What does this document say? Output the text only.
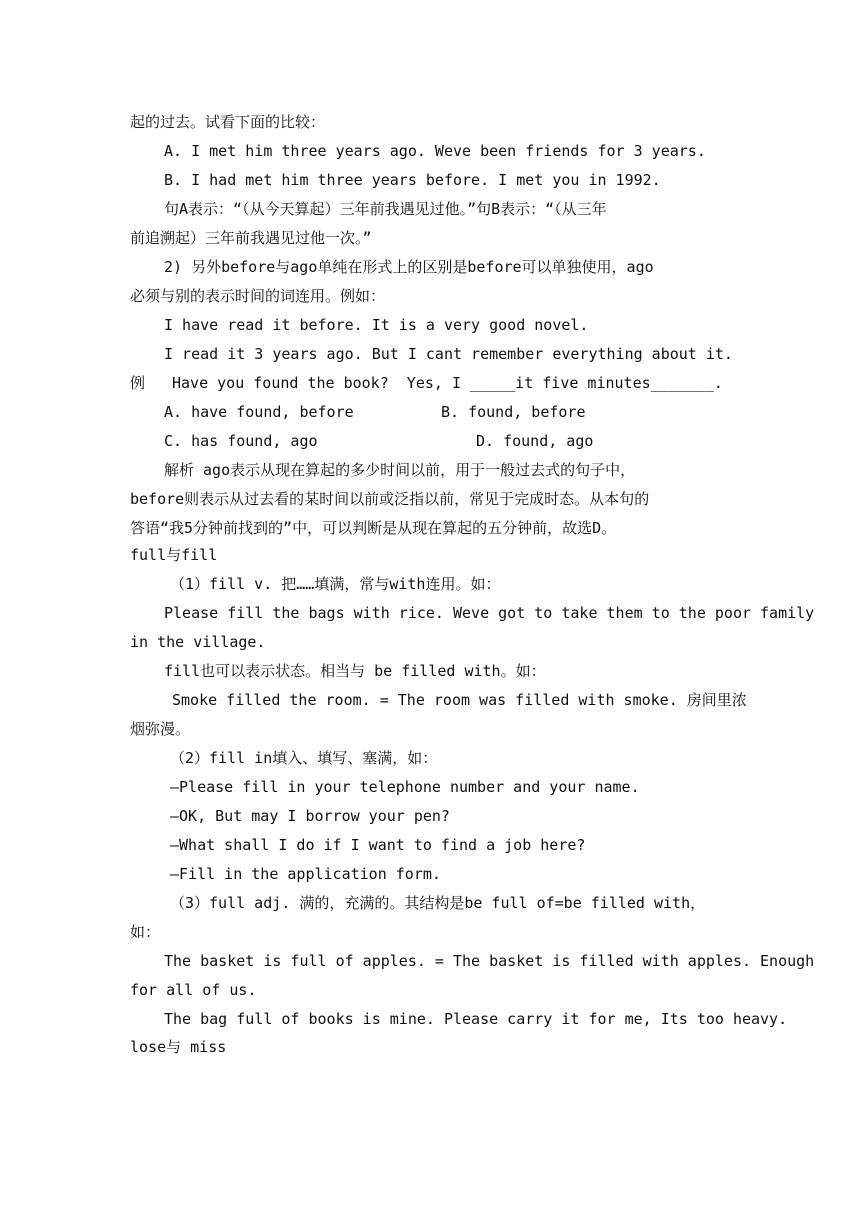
起的过去。试看下面的比较：
A. I met him three years ago. Weve been friends for 3 years.
B. I had met him three years before. I met you in 1992.
句A表示：“（从今天算起）三年前我遇见过他。”句B表示：“（从三年
前追溯起）三年前我遇见过他一次。”
2) 另外before与ago单纯在形式上的区别是before可以单独使用，ago
必须与别的表示时间的词连用。例如：
I have read it before. It is a very good novel.
I read it 3 years ago. But I cant remember everything about it.
例 Have you found the book?  Yes, I _____it five minutes_______.
A. have found, before	B. found, before
C. has found, ago	D. found, ago
解析 ago表示从现在算起的多少时间以前，用于一般过去式的句子中，
before则表示从过去看的某时间以前或泛指以前，常见于完成时态。从本句的
答语“我5分钟前找到的”中，可以判断是从现在算起的五分钟前，故选D。
full与fill
（1）fill v. 把……填满，常与with连用。如：
Please fill the bags with rice. Weve got to take them to the poor family
in the village.
fill也可以表示状态。相当与 be filled with。如：
Smoke filled the room. = The room was filled with smoke. 房间里浓
烟弥漫。
（2）fill in填入、填写、塞满，如：
–Please fill in your telephone number and your name.
–OK, But may I borrow your pen?
–What shall I do if I want to find a job here?
–Fill in the application form.
（3）full adj. 满的，充满的。其结构是be full of=be filled with，
如：
The basket is full of apples. = The basket is filled with apples. Enough
for all of us.
The bag full of books is mine. Please carry it for me, Its too heavy.
lose与 miss
